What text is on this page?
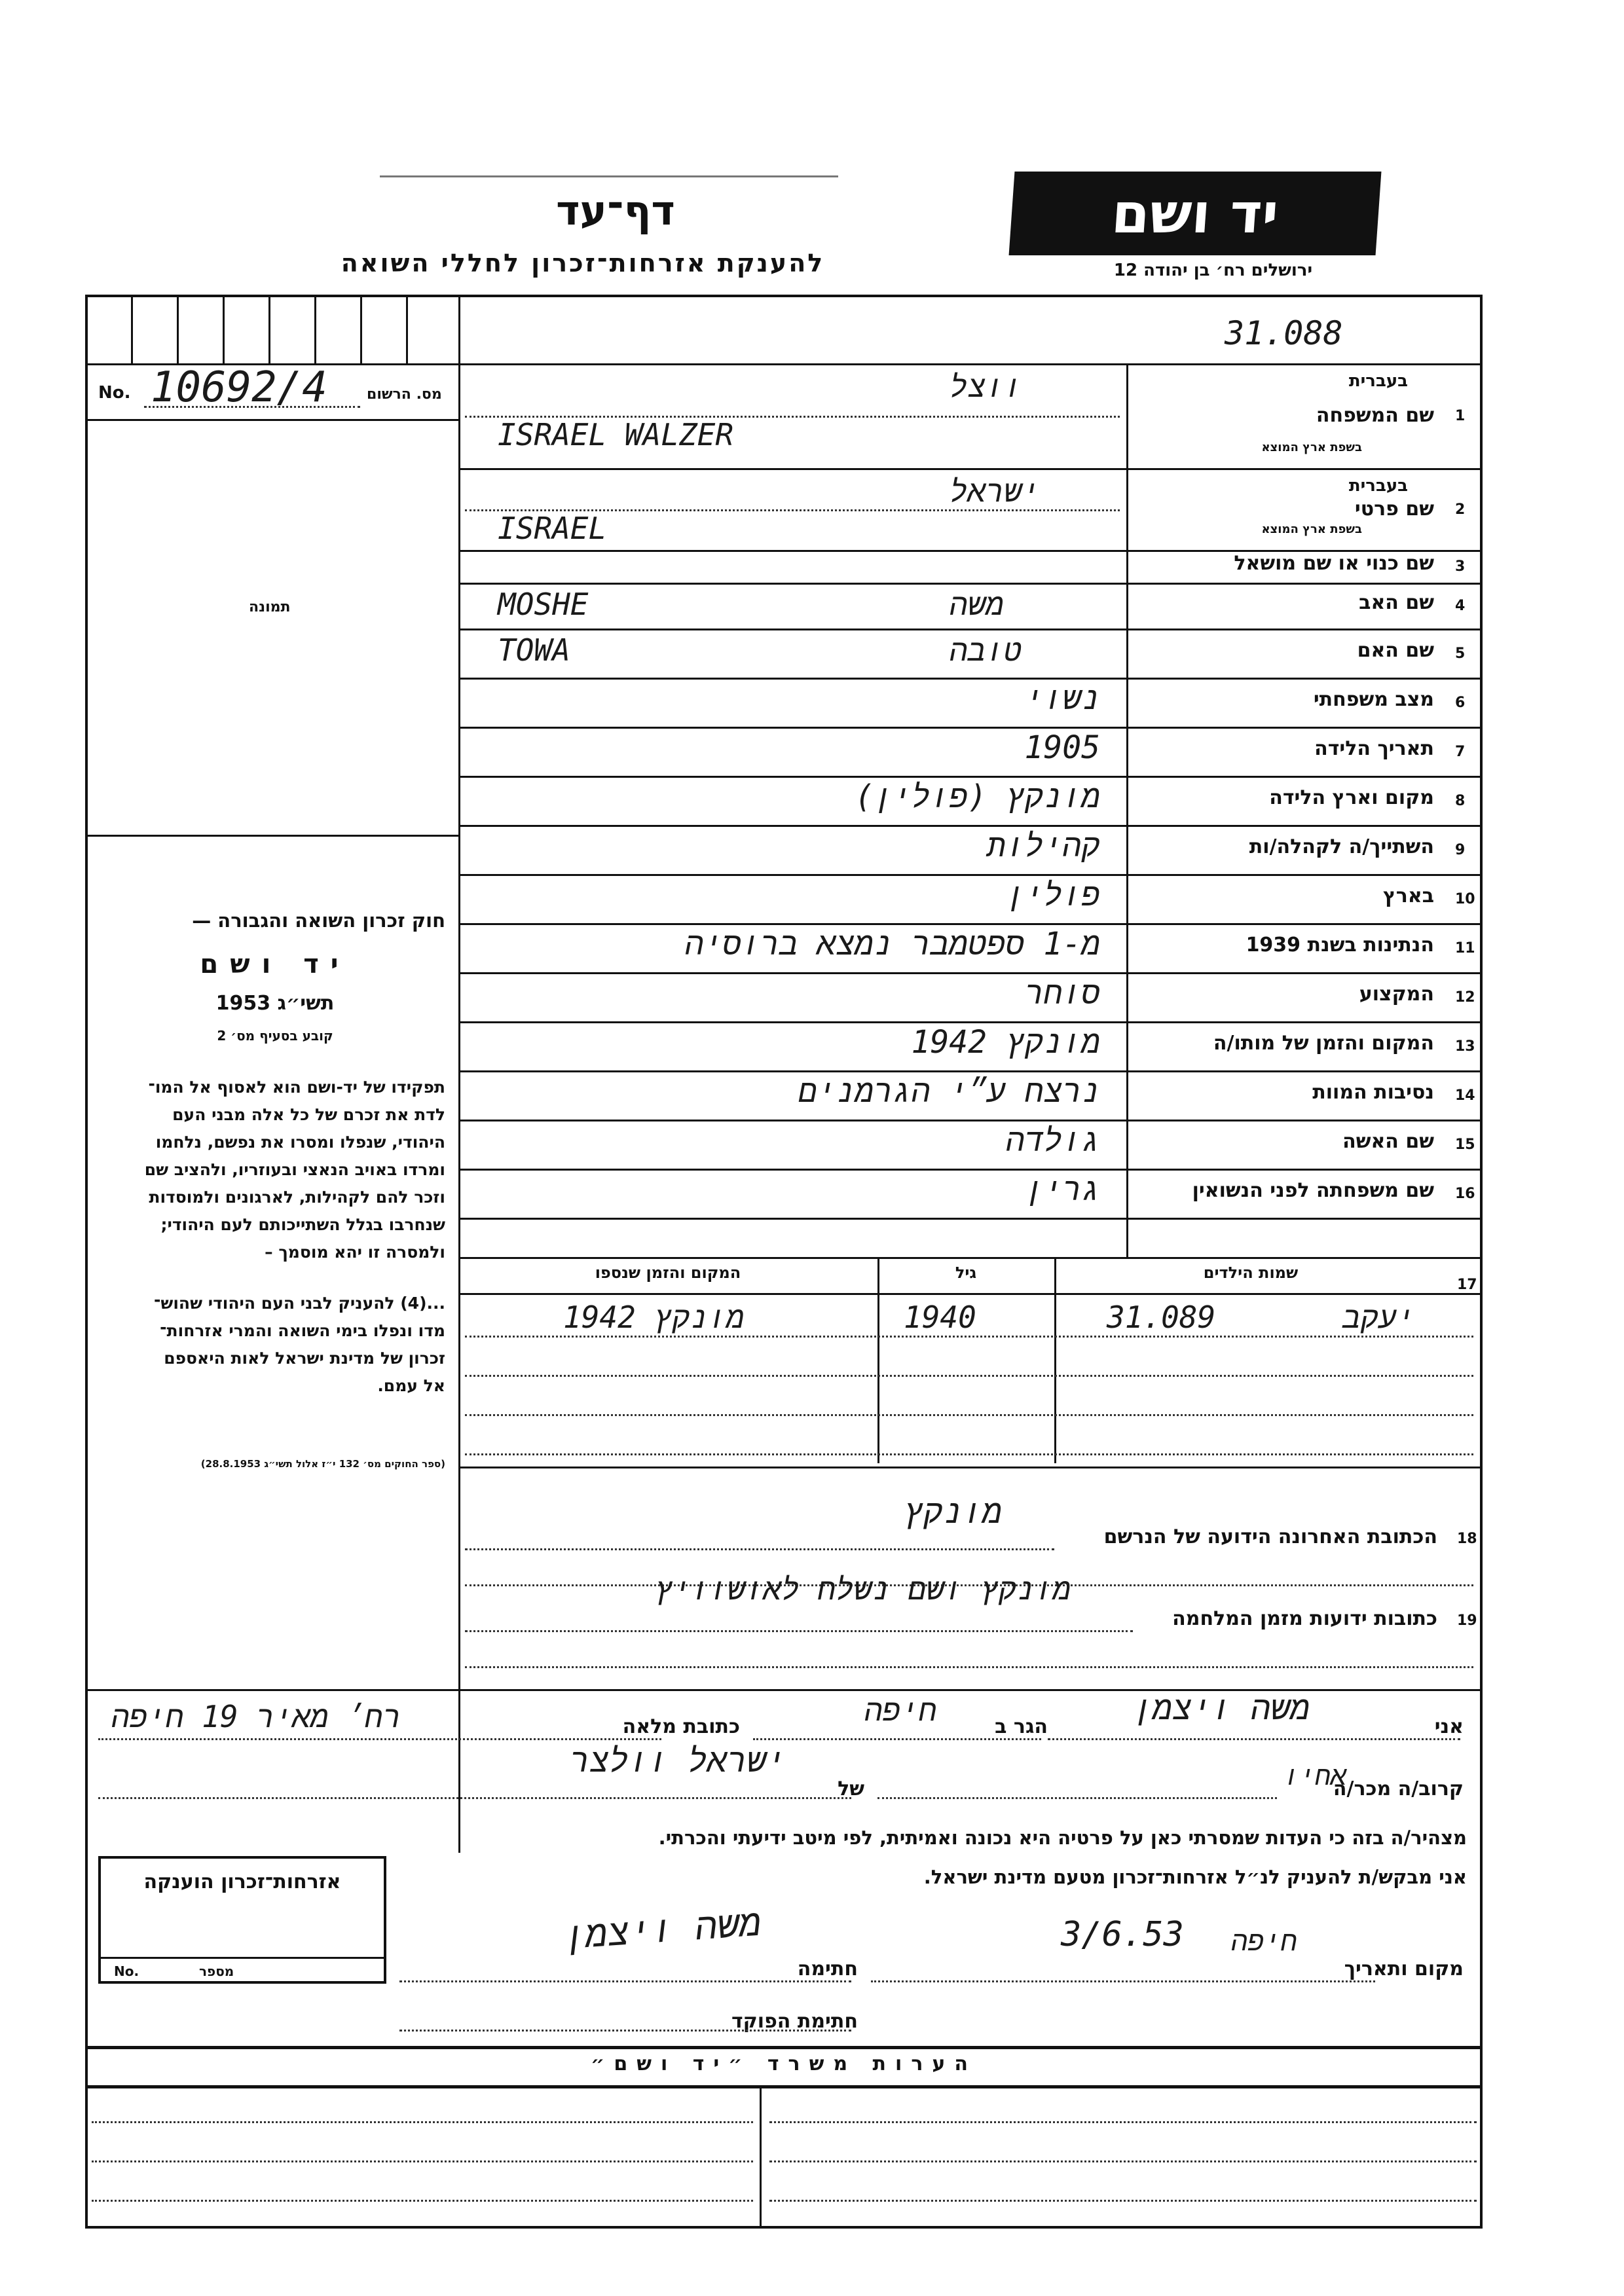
דף־עד
להענקת אזרחות־זכרון לחללי השואה
יד ושם
ירושלים רח׳ בן יהודה 12
31.088
No. 10692/4	מס. הרשום
תמונה
חוק זכרון השואה והגבורה —
יד ושם
תשי״ג 1953
קובע בסעיף מס׳ 2
תפקידו של יד-ושם הוא לאסוף אל המו־
לדת את זכרם של כל אלה מבני העם
היהודי, שנפלו ומסרו את נפשם, נלחמו
ומרדו באויב הנאצי ובעוזריו, ולהציב שם
וזכר להם לקהילות, לארגונים ולמוסדות
שנחרבו בגלל השתייכותם לעם היהודי;
ולמסרה זו יהא מוסמך –
...(4) להעניק לבני העם היהודי שהוש־
מדו ונפלו בימי השואה והמרי אזרחות־
זכרון של מדינת ישראל לאות היאספם
אל עמם.
(ספר החוקים מס׳ 132 י״ז אלול תשי״ג 28.8.1953)
1
שם המשפחה
בעברית
בשפת ארץ המוצא
ווצל
ISRAEL WALZER
2
שם פרטי
בעברית
בשפת ארץ המוצא
ישראל
ISRAEL
3
שם כנוי או שם מושאל
4
שם האב
משה
MOSHE
5
שם האם
טובה
TOWA
6
מצב משפחתי
נשוי
7
תאריך הלידה
1905
8
מקום וארץ הלידה
מונקץ (פולין)
9
השתייך/ה לקהלה/ות
קהילות
10
בארץ
פולין
11
הנתינות בשנת 1939
מ-1 ספטמבר נמצא ברוסיה
12
המקצוע
סוחר
13
המקום והזמן של מותו/ה
מונקץ 1942
14
נסיבות המוות
נרצח ע״י הגרמנים
15
שם האשה
גולדה
16
שם משפחתה לפני הנשואין
גרין
המקום והזמן שנספו	גיל	שמות הילדים
17
מונקץ 1942	1940	31.089	יעקב
הכתובת האחרונה הידועה של הנרשם 18
מונקץ
כתובות ידועות מזמן המלחמה 19
מונקץ ושם נשלח לאושוויץ
אני
משה ויצמן
הגר ב
חיפה
כתובת מלאה
רח׳ מאיר 19 חיפה
קרוב/ה מכר/ה
אחיו
של
ישראל וולצר
מצהיר/ה בזה כי העדות שמסרתי כאן על פרטיה היא נכונה ואמיתית, לפי מיטב ידיעתי והכרתי.
אני מבקש/ת להעניק לנ״ל אזרחות־זכרון מטעם מדינת ישראל.
מקום ותאריך
3/6.53 חיפה
חתימה
משה ויצמן
חתימת הפוקד
אזרחות־זכרון הוענקה
No.	מספר
הערות משרד ״יד ושם״
